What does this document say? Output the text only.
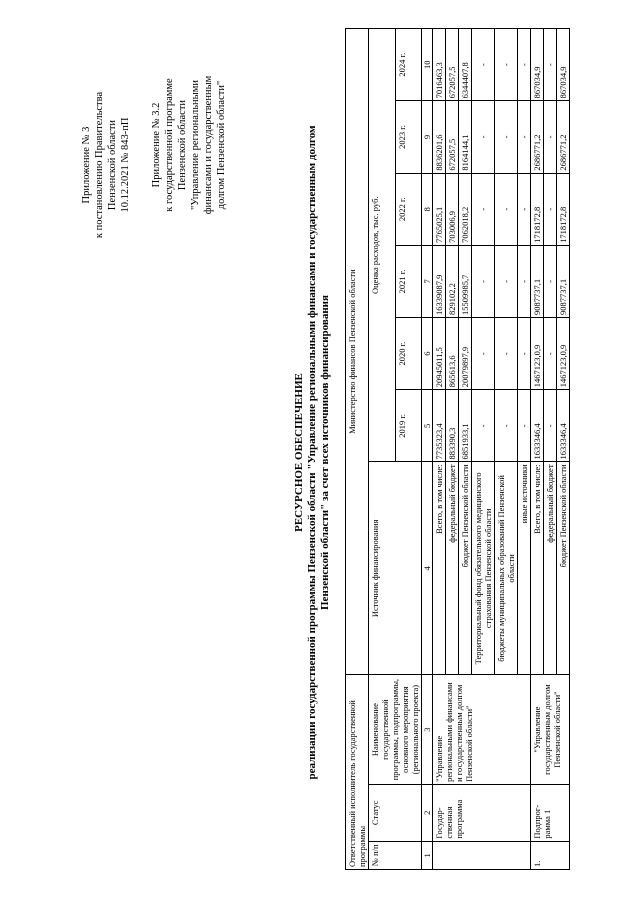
Приложение № 3 к постановлению Правительства Пензенской области 10.12.2021 № 843-пП Приложение № 3.2 к государственной программе Пензенской области "Управление региональными финансами и государственным долгом Пензенской области"
РЕСУРСНОЕ ОБЕСПЕЧЕНИЕ реализации государственной программы Пензенской области "Управление региональными финансами и государственным долгом Пензенской области" за счет всех источников финансирования
Ответственный исполнитель государственной программы			Министерство финансов Пензенской области						
№ п/п	Статус	Наименование государственной программы, подпрограммы, основного мероприятия (регионального проекта)	Источник финансирования	Оценка расходов, тыс. руб.					
				2019 г.	2020 г.	2021 г.	2022 г.	2023 г.	2024 г.
1	2	3	4	5	6	7	8	9	10
	Государ-ственная программа	"Управление региональными финансами и государственным долгом Пензенской области"	Всего, в том числе:	7735323,4	20945011,5	16339087,9	7765025,1	8836201,6	7016463,3
			федеральный бюджет	883390,3	865613,6	829102,2	703006,9	672057,5	672057,5
			бюджет Пензенской области	6851933,1	20079897,9	15509985,7	7062018,2	8164144,1	6344407,8
			Территориальный фонд обязательного медицинского страхования Пензенской области	-	-	-	-	-	-
			бюджеты муниципальных образований Пензенской области	-	-	-	-	-	-
			иные источники	-	-	-	-	-	-
1.	Подпрог-рамма 1	"Управление государственным долгом Пензенской области"	Всего, в том числе:	1633346,4	1467123,0,9	9087737,1	1718172,8	2686771,2	867034,9
			федеральный бюджет	-	-	-	-	-	-
			бюджет Пензенской области	1633346,4	1467123,0,9	9087737,1	1718172,8	2686771,2	867034,9
